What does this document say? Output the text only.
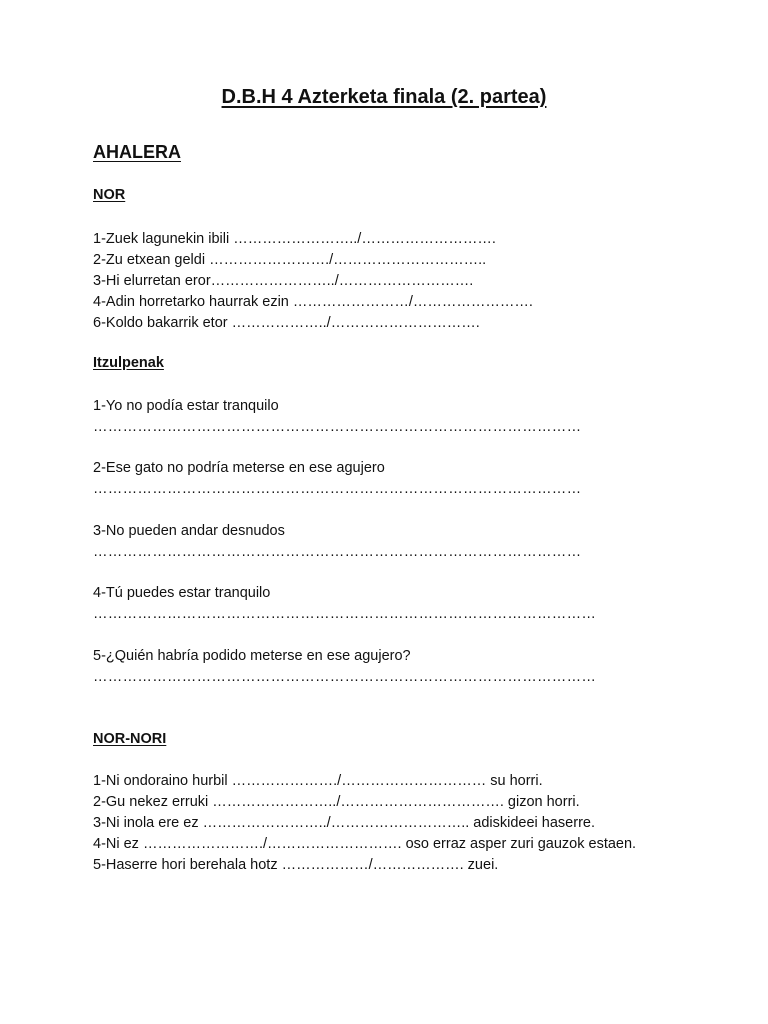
D.B.H 4 Azterketa finala (2. partea)
AHALERA
NOR
1-Zuek lagunekin ibili ……………………../……………………….
2-Zu etxean geldi ……………………./…………………………..
3-Hi elurretan eror……………………../……………………….
4-Adin horretarko haurrak ezin ……………………/…………………….
6-Koldo bakarrik etor ………………../………………………….
Itzulpenak
1-Yo no podía estar tranquilo
………………………………………………………………………………………
2-Ese gato no podría meterse en ese agujero
………………………………………………………………………………………
3-No pueden andar desnudos
………………………………………………………………………………………
4-Tú puedes estar tranquilo
…………………………………………………………………………………………
5-¿Quién habría podido meterse en ese agujero?
…………………………………………………………………………………………
NOR-NORI
1-Ni ondoraino hurbil …………………./………………………… su horri.
2-Gu nekez erruki ……………………../……………………………. gizon horri.
3-Ni inola ere ez ……………………../……………………….. adiskideei haserre.
4-Ni ez ……………………./………………………. oso erraz asper zuri gauzok estaen.
5-Haserre hori berehala hotz ………………/………………. zuei.
